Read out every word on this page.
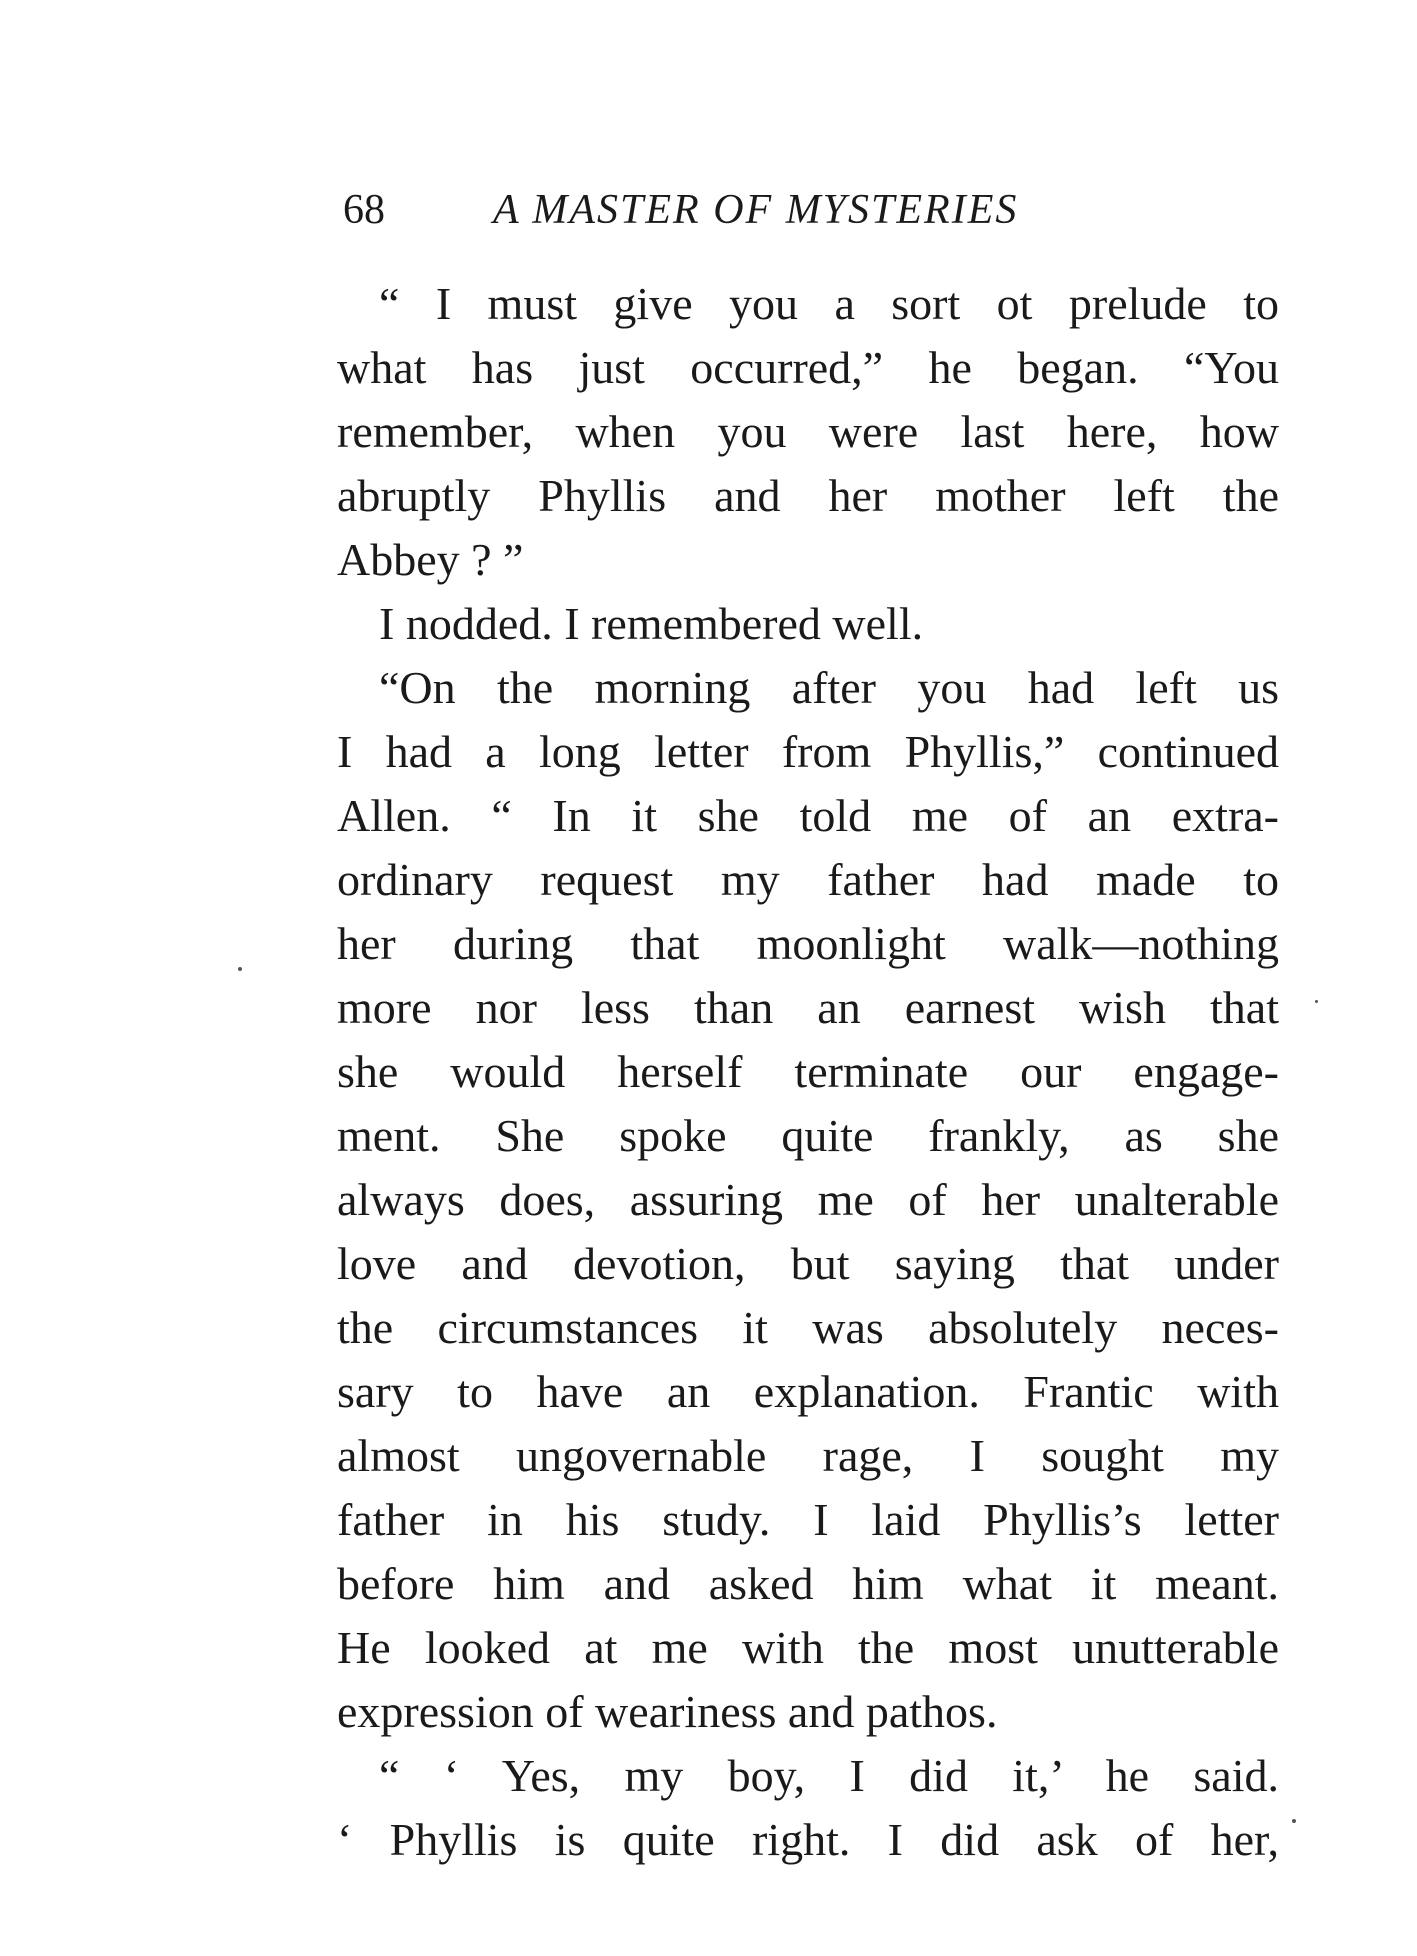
68	A MASTER OF MYSTERIES
“ I must give you a sort ot prelude to
what has just occurred,” he began. “You
remember, when you were last here, how
abruptly Phyllis and her mother left the
Abbey ? ”
I nodded. I remembered well.
“On the morning after you had left us
I had a long letter from Phyllis,” continued
Allen. “ In it she told me of an extra-
ordinary request my father had made to
her during that moonlight walk—nothing
more nor less than an earnest wish that
she would herself terminate our engage-
ment. She spoke quite frankly, as she
always does, assuring me of her unalterable
love and devotion, but saying that under
the circumstances it was absolutely neces-
sary to have an explanation. Frantic with
almost ungovernable rage, I sought my
father in his study. I laid Phyllis’s letter
before him and asked him what it meant.
He looked at me with the most unutterable
expression of weariness and pathos.
“ ‘ Yes, my boy, I did it,’ he said.
‘ Phyllis is quite right. I did ask of her,
